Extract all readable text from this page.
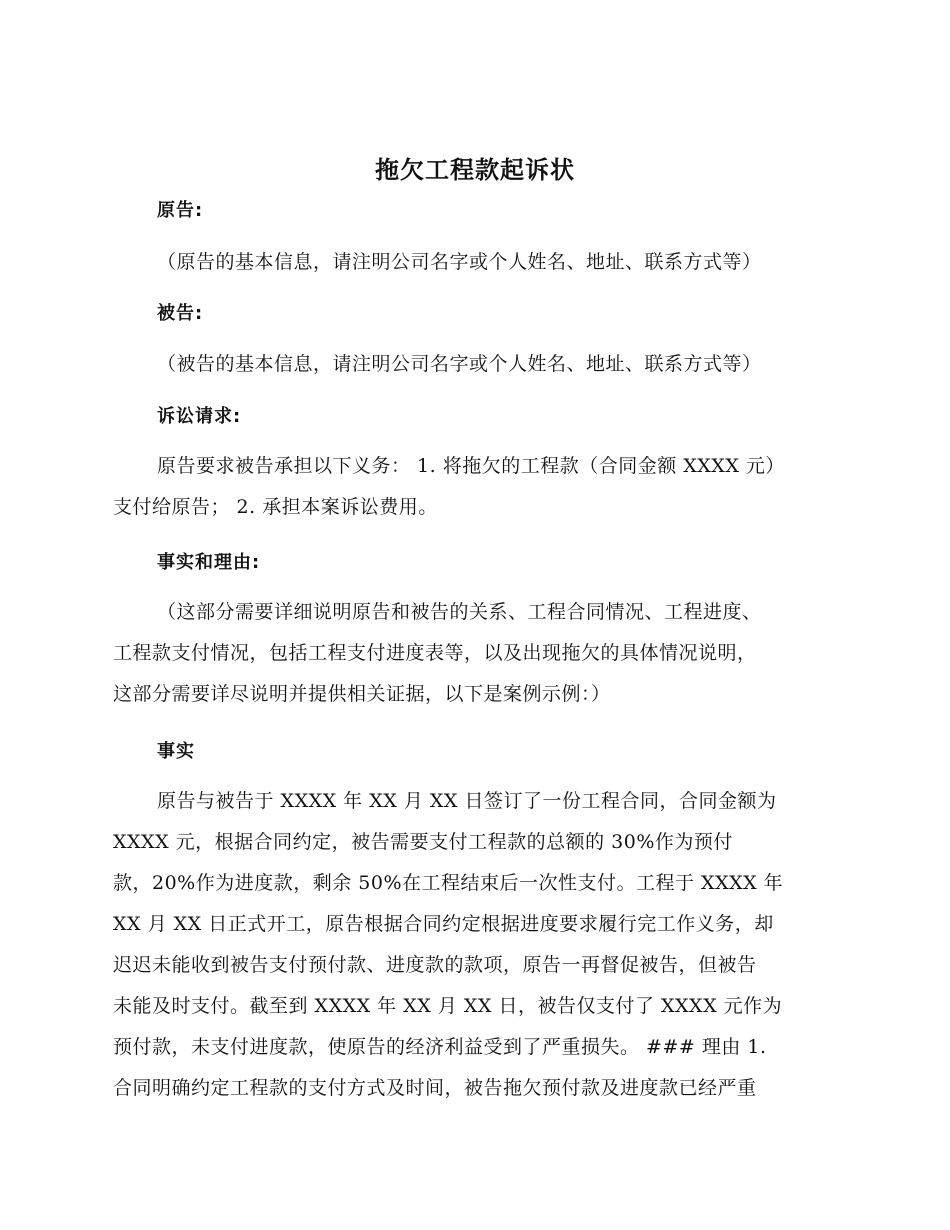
拖欠工程款起诉状
原告:
（原告的基本信息，请注明公司名字或个人姓名、地址、联系方式等）
被告:
（被告的基本信息，请注明公司名字或个人姓名、地址、联系方式等）
诉讼请求:
原告要求被告承担以下义务： 1. 将拖欠的工程款（合同金额 XXXX 元）
支付给原告； 2. 承担本案诉讼费用。
事实和理由:
（这部分需要详细说明原告和被告的关系、工程合同情况、工程进度、
工程款支付情况，包括工程支付进度表等，以及出现拖欠的具体情况说明，
这部分需要详尽说明并提供相关证据，以下是案例示例：）
事实
原告与被告于 XXXX 年 XX 月 XX 日签订了一份工程合同，合同金额为
XXXX 元，根据合同约定，被告需要支付工程款的总额的 30%作为预付
款，20%作为进度款，剩余 50%在工程结束后一次性支付。工程于 XXXX 年
XX 月 XX 日正式开工，原告根据合同约定根据进度要求履行完工作义务，却
迟迟未能收到被告支付预付款、进度款的款项，原告一再督促被告，但被告
未能及时支付。截至到 XXXX 年 XX 月 XX 日，被告仅支付了 XXXX 元作为
预付款，未支付进度款，使原告的经济利益受到了严重损失。 ### 理由 1.
合同明确约定工程款的支付方式及时间，被告拖欠预付款及进度款已经严重
